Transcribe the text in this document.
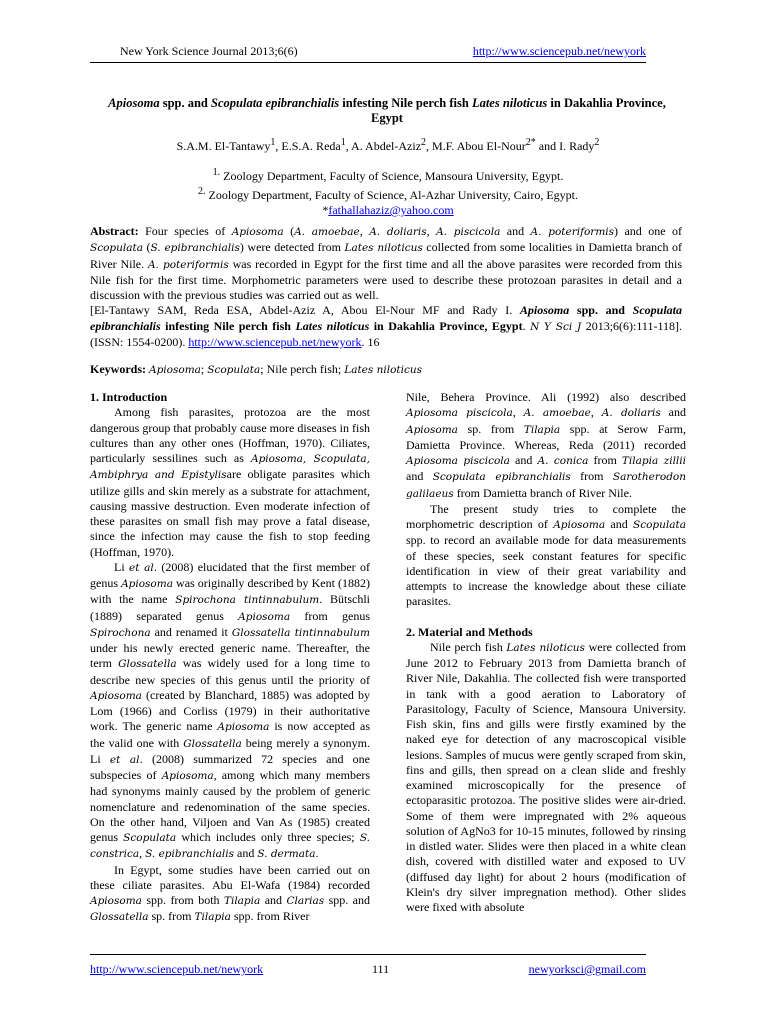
New York Science Journal 2013;6(6)	http://www.sciencepub.net/newyork
Apiosoma spp. and Scopulata epibranchialis infesting Nile perch fish Lates niloticus in Dakahlia Province, Egypt
S.A.M. El-Tantawy$^1$, E.S.A. Reda$^1$, A. Abdel-Aziz$^2$, M.F. Abou El-Nour$^{2*}$ and I. Rady$^2$
$^{1.}$ Zoology Department, Faculty of Science, Mansoura University, Egypt.
$^{2.}$ Zoology Department, Faculty of Science, Al-Azhar University, Cairo, Egypt.
*fathallahaziz@yahoo.com
Abstract: Four species of Apiosoma (A. amoebae, A. doliaris, A. piscicola and A. poteriformis) and one of Scopulata (S. epibranchialis) were detected from Lates niloticus collected from some localities in Damietta branch of River Nile. A. poteriformis was recorded in Egypt for the first time and all the above parasites were recorded from this Nile fish for the first time. Morphometric parameters were used to describe these protozoan parasites in detail and a discussion with the previous studies was carried out as well.
[El-Tantawy SAM, Reda ESA, Abdel-Aziz A, Abou El-Nour MF and Rady I. Apiosoma spp. and Scopulata epibranchialis infesting Nile perch fish Lates niloticus in Dakahlia Province, Egypt. N Y Sci J 2013;6(6):111-118]. (ISSN: 1554-0200). http://www.sciencepub.net/newyork. 16
Keywords: Apiosoma; Scopulata; Nile perch fish; Lates niloticus
1. Introduction

Among fish parasites, protozoa are the most dangerous group that probably cause more diseases in fish cultures than any other ones (Hoffman, 1970). Ciliates, particularly sessilines such as Apiosoma, Scopulata, Ambiphrya and Epistylisare obligate parasites which utilize gills and skin merely as a substrate for attachment, causing massive destruction. Even moderate infection of these parasites on small fish may prove a fatal disease, since the infection may cause the fish to stop feeding (Hoffman, 1970).

Li et al. (2008) elucidated that the first member of genus Apiosoma was originally described by Kent (1882) with the name Spirochona tintinnabulum. Bütschli (1889) separated genus Apiosoma from genus Spirochona and renamed it Glossatella tintinnabulum under his newly erected generic name. Thereafter, the term Glossatella was widely used for a long time to describe new species of this genus until the priority of Apiosoma (created by Blanchard, 1885) was adopted by Lom (1966) and Corliss (1979) in their authoritative work. The generic name Apiosoma is now accepted as the valid one with Glossatella being merely a synonym. Li et al. (2008) summarized 72 species and one subspecies of Apiosoma, among which many members had synonyms mainly caused by the problem of generic nomenclature and redenomination of the same species. On the other hand, Viljoen and Van As (1985) created genus Scopulata which includes only three species; S. constrica, S. epibranchialis and S. dermata.

In Egypt, some studies have been carried out on these ciliate parasites. Abu El-Wafa (1984) recorded Apiosoma spp. from both Tilapia and Clarias spp. and Glossatella sp. from Tilapia spp. from River

Nile, Behera Province. Ali (1992) also described Apiosoma piscicola, A. amoebae, A. doliaris and Apiosoma sp. from Tilapia spp. at Serow Farm, Damietta Province. Whereas, Reda (2011) recorded Apiosoma piscicola and A. conica from Tilapia zillii and Scopulata epibranchialis from Sarotherodon galilaeus from Damietta branch of River Nile.

The present study tries to complete the morphometric description of Apiosoma and Scopulata spp. to record an available mode for data measurements of these species, seek constant features for specific identification in view of their great variability and attempts to increase the knowledge about these ciliate parasites.

2. Material and Methods

Nile perch fish Lates niloticus were collected from June 2012 to February 2013 from Damietta branch of River Nile, Dakahlia. The collected fish were transported in tank with a good aeration to Laboratory of Parasitology, Faculty of Science, Mansoura University. Fish skin, fins and gills were firstly examined by the naked eye for detection of any macroscopical visible lesions. Samples of mucus were gently scraped from skin, fins and gills, then spread on a clean slide and freshly examined microscopically for the presence of ectoparasitic protozoa. The positive slides were air-dried. Some of them were impregnated with 2% aqueous solution of AgNo3 for 10-15 minutes, followed by rinsing in distled water. Slides were then placed in a white clean dish, covered with distilled water and exposed to UV (diffused day light) for about 2 hours (modification of Klein's dry silver impregnation method). Other slides were fixed with absolute

http://www.sciencepub.net/newyork	111	newyorksci@gmail.com
